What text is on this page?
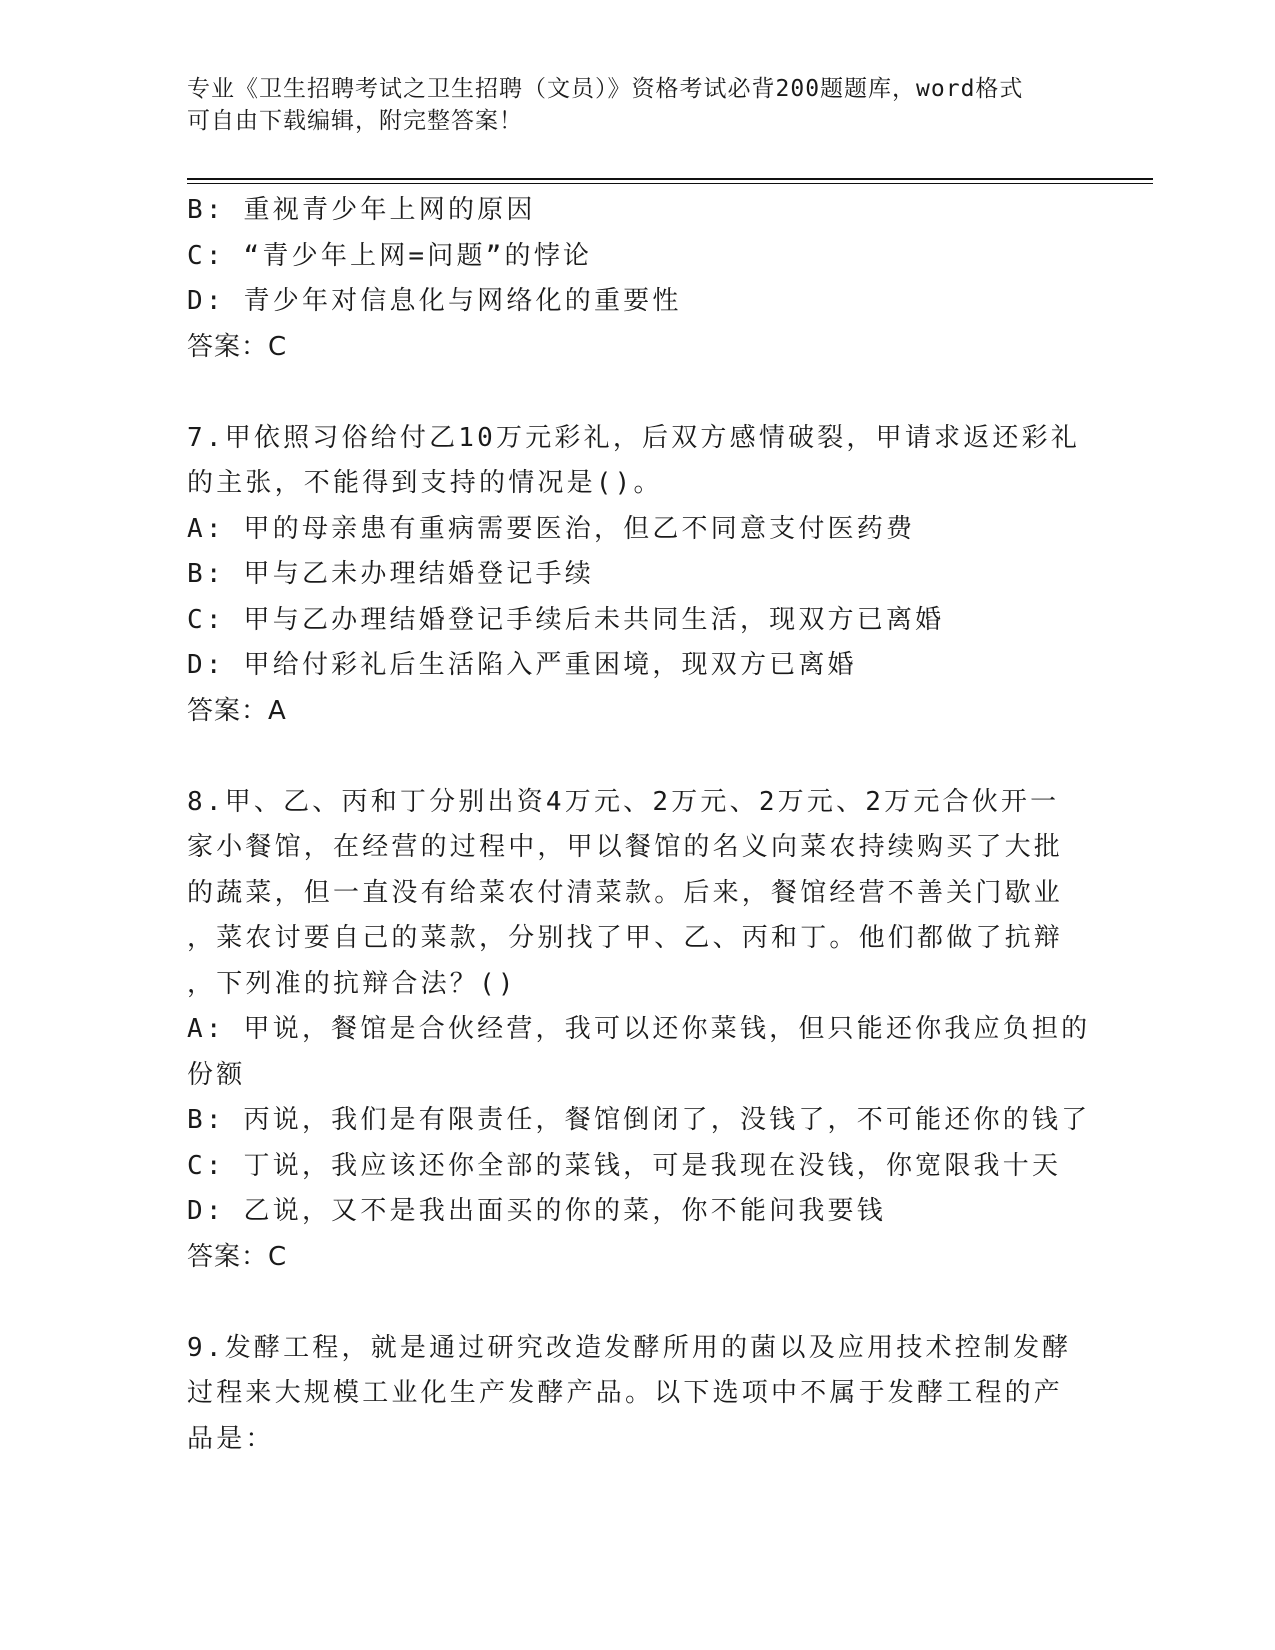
专业《卫生招聘考试之卫生招聘（文员）》资格考试必背200题题库，word格式
可自由下载编辑，附完整答案！

B: 重视青少年上网的原因

C: “青少年上网=问题”的悖论

D: 青少年对信息化与网络化的重要性

答案：C

7.甲依照习俗给付乙10万元彩礼，后双方感情破裂，甲请求返还彩礼

的主张，不能得到支持的情况是()。

A: 甲的母亲患有重病需要医治，但乙不同意支付医药费

B: 甲与乙未办理结婚登记手续

C: 甲与乙办理结婚登记手续后未共同生活，现双方已离婚

D: 甲给付彩礼后生活陷入严重困境，现双方已离婚

答案：A

8.甲、乙、丙和丁分别出资4万元、2万元、2万元、2万元合伙开一

家小餐馆，在经营的过程中，甲以餐馆的名义向菜农持续购买了大批

的蔬菜，但一直没有给菜农付清菜款。后来，餐馆经营不善关门歇业

，菜农讨要自己的菜款，分别找了甲、乙、丙和丁。他们都做了抗辩

，下列准的抗辩合法？()

A: 甲说，餐馆是合伙经营，我可以还你菜钱，但只能还你我应负担的

份额

B: 丙说，我们是有限责任，餐馆倒闭了，没钱了，不可能还你的钱了

C: 丁说，我应该还你全部的菜钱，可是我现在没钱，你宽限我十天

D: 乙说，又不是我出面买的你的菜，你不能问我要钱

答案：C

9.发酵工程，就是通过研究改造发酵所用的菌以及应用技术控制发酵

过程来大规模工业化生产发酵产品。以下选项中不属于发酵工程的产

品是：
